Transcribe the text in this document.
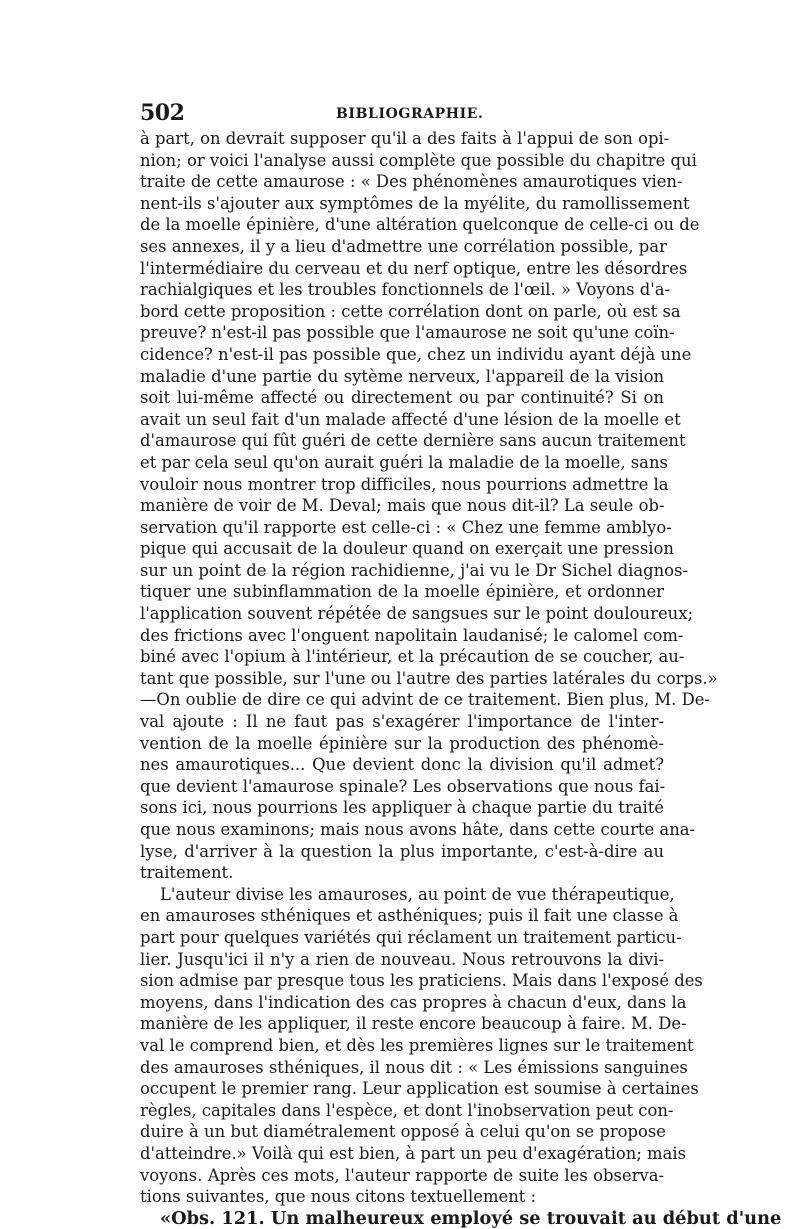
502	BIBLIOGRAPHIE.
à part, on devrait supposer qu'il a des faits à l'appui de son opi-
nion; or voici l'analyse aussi complète que possible du chapitre qui
traite de cette amaurose : « Des phénomènes amaurotiques vien-
nent-ils s'ajouter aux symptômes de la myélite, du ramollissement
de la moelle épinière, d'une altération quelconque de celle-ci ou de
ses annexes, il y a lieu d'admettre une corrélation possible, par
l'intermédiaire du cerveau et du nerf optique, entre les désordres
rachialgiques et les troubles fonctionnels de l'œil. » Voyons d'a-
bord cette proposition : cette corrélation dont on parle, où est sa
preuve? n'est-il pas possible que l'amaurose ne soit qu'une coïn-
cidence? n'est-il pas possible que, chez un individu ayant déjà une
maladie d'une partie du sytème nerveux, l'appareil de la vision
soit lui-même affecté ou directement ou par continuité? Si on
avait un seul fait d'un malade affecté d'une lésion de la moelle et
d'amaurose qui fût guéri de cette dernière sans aucun traitement
et par cela seul qu'on aurait guéri la maladie de la moelle, sans
vouloir nous montrer trop difficiles, nous pourrions admettre la
manière de voir de M. Deval; mais que nous dit-il? La seule ob-
servation qu'il rapporte est celle-ci : « Chez une femme amblyo-
pique qui accusait de la douleur quand on exerçait une pression
sur un point de la région rachidienne, j'ai vu le Dr Sichel diagnos-
tiquer une subinflammation de la moelle épinière, et ordonner
l'application souvent répétée de sangsues sur le point douloureux;
des frictions avec l'onguent napolitain laudanisé; le calomel com-
biné avec l'opium à l'intérieur, et la précaution de se coucher, au-
tant que possible, sur l'une ou l'autre des parties latérales du corps.»
—On oublie de dire ce qui advint de ce traitement. Bien plus, M. De-
val ajoute : Il ne faut pas s'exagérer l'importance de l'inter-
vention de la moelle épinière sur la production des phénomè-
nes amaurotiques... Que devient donc la division qu'il admet?
que devient l'amaurose spinale? Les observations que nous fai-
sons ici, nous pourrions les appliquer à chaque partie du traité
que nous examinons; mais nous avons hâte, dans cette courte ana-
lyse, d'arriver à la question la plus importante, c'est-à-dire au
traitement.
L'auteur divise les amauroses, au point de vue thérapeutique,
en amauroses sthéniques et asthéniques; puis il fait une classe à
part pour quelques variétés qui réclament un traitement particu-
lier. Jusqu'ici il n'y a rien de nouveau. Nous retrouvons la divi-
sion admise par presque tous les praticiens. Mais dans l'exposé des
moyens, dans l'indication des cas propres à chacun d'eux, dans la
manière de les appliquer, il reste encore beaucoup à faire. M. De-
val le comprend bien, et dès les premières lignes sur le traitement
des amauroses sthéniques, il nous dit : « Les émissions sanguines
occupent le premier rang. Leur application est soumise à certaines
règles, capitales dans l'espèce, et dont l'inobservation peut con-
duire à un but diamétralement opposé à celui qu'on se propose
d'atteindre.» Voilà qui est bien, à part un peu d'exagération; mais
voyons. Après ces mots, l'auteur rapporte de suite les observa-
tions suivantes, que nous citons textuellement :
«Obs. 121. Un malheureux employé se trouvait au début d'une
